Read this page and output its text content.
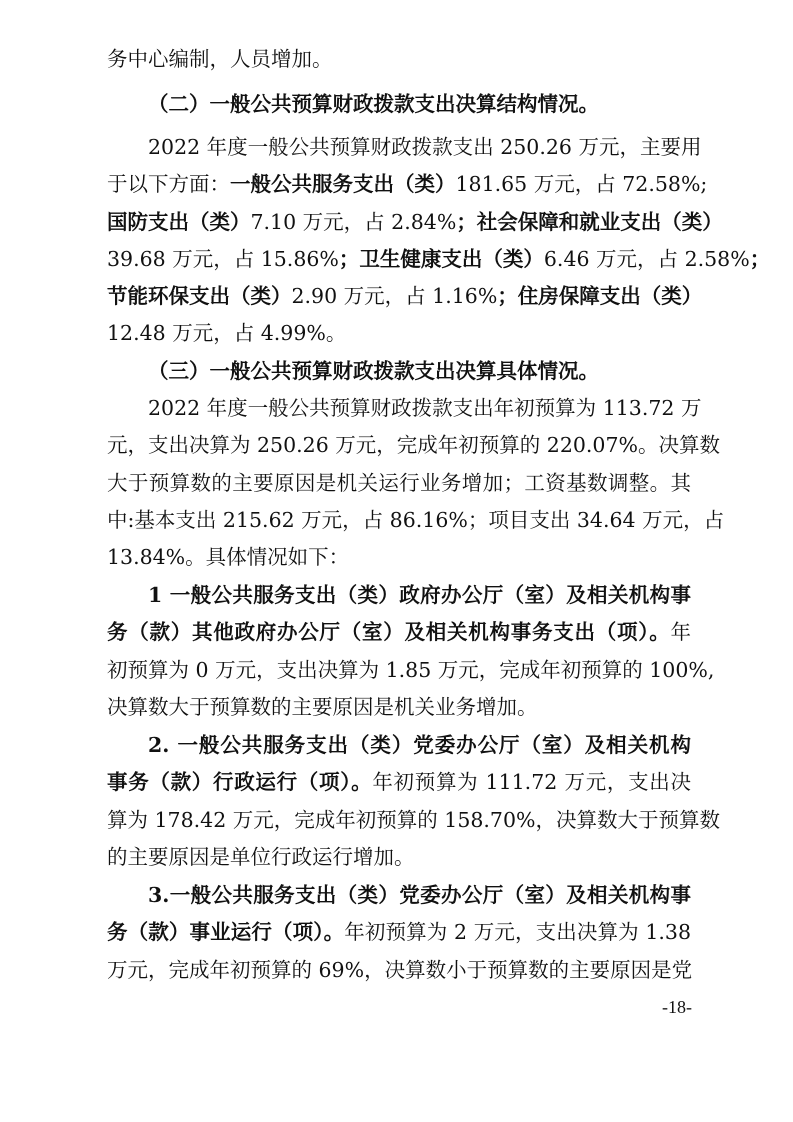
务中心编制，人员增加。
（二）一般公共预算财政拨款支出决算结构情况。
2022 年度一般公共预算财政拨款支出 250.26 万元，主要用
于以下方面：一般公共服务支出（类）181.65 万元，占 72.58%;
国防支出（类）7.10 万元，占 2.84%；社会保障和就业支出（类）
39.68 万元，占 15.86%；卫生健康支出（类）6.46 万元，占 2.58%；
节能环保支出（类）2.90 万元，占 1.16%；住房保障支出（类）
12.48 万元，占 4.99%。
（三）一般公共预算财政拨款支出决算具体情况。
2022 年度一般公共预算财政拨款支出年初预算为 113.72 万
元，支出决算为 250.26 万元，完成年初预算的 220.07%。决算数
大于预算数的主要原因是机关运行业务增加；工资基数调整。其
中:基本支出 215.62 万元，占 86.16%；项目支出 34.64 万元，占
13.84%。具体情况如下：
1 一般公共服务支出（类）政府办公厅（室）及相关机构事
务（款）其他政府办公厅（室）及相关机构事务支出（项）。年
初预算为 0 万元，支出决算为 1.85 万元，完成年初预算的 100%,
决算数大于预算数的主要原因是机关业务增加。
2. 一般公共服务支出（类）党委办公厅（室）及相关机构
事务（款）行政运行（项）。年初预算为 111.72 万元，支出决
算为 178.42 万元，完成年初预算的 158.70%，决算数大于预算数
的主要原因是单位行政运行增加。
3.一般公共服务支出（类）党委办公厅（室）及相关机构事
务（款）事业运行（项）。年初预算为 2 万元，支出决算为 1.38
万元，完成年初预算的 69%，决算数小于预算数的主要原因是党
-18-
